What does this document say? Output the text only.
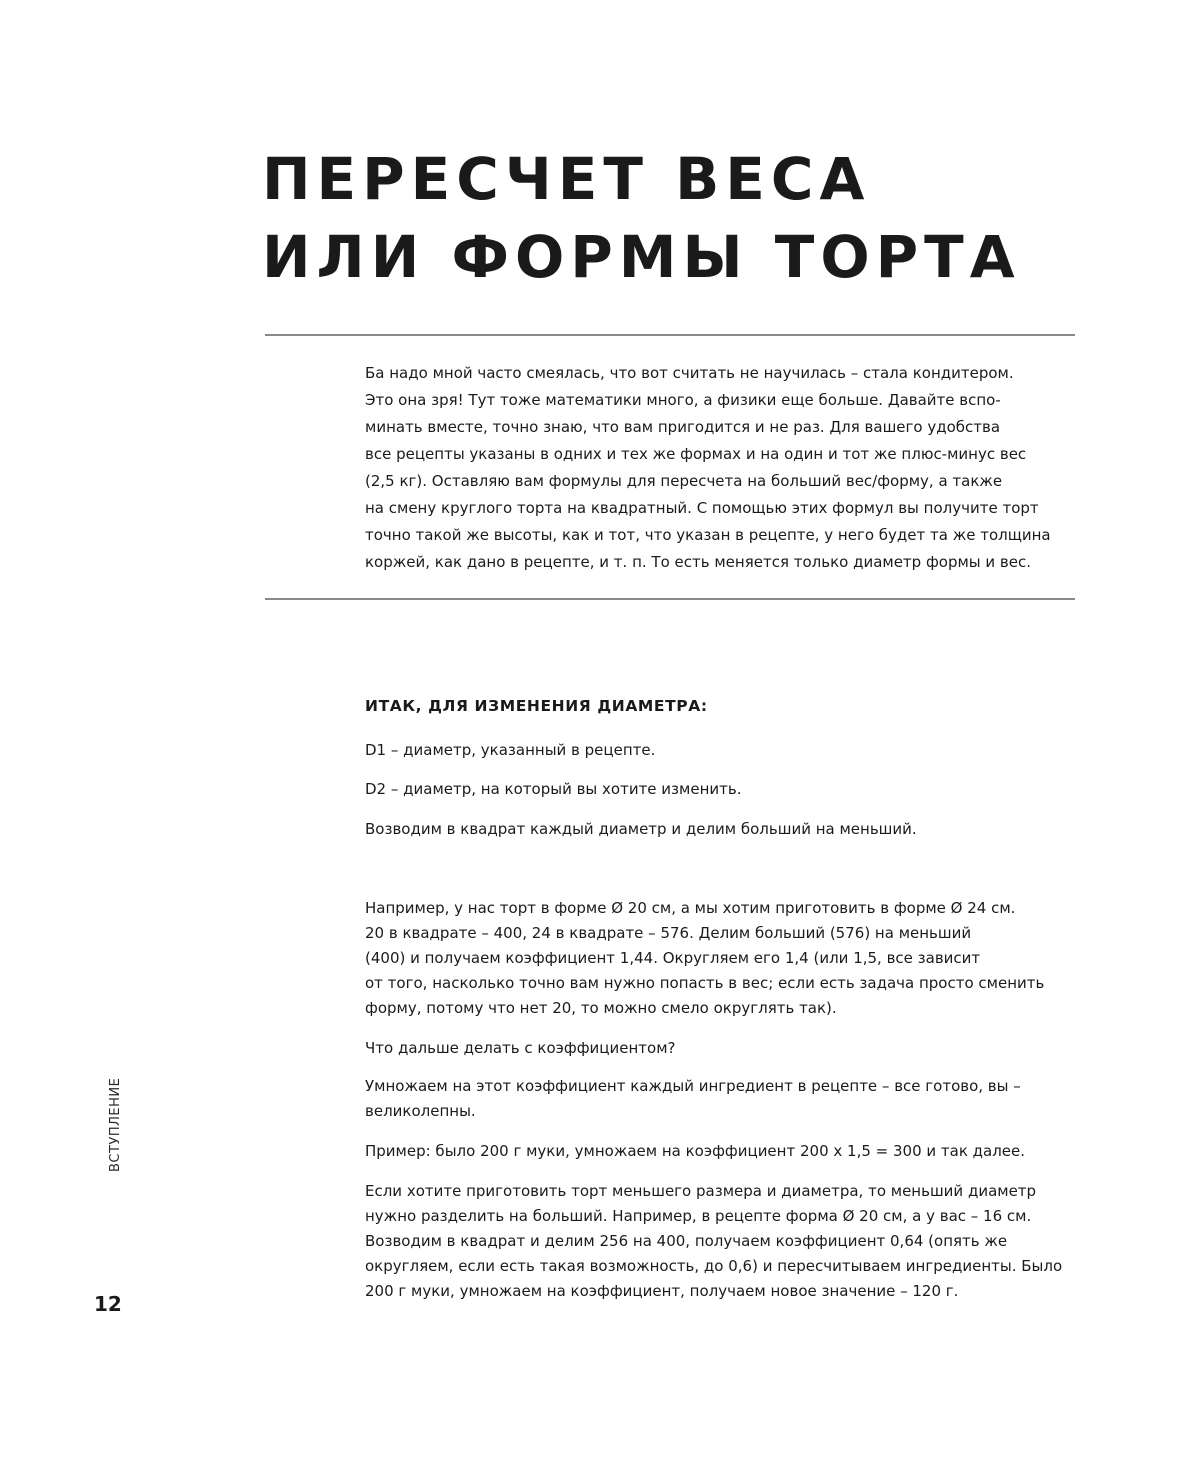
ПЕРЕСЧЕТ ВЕСА
ИЛИ ФОРМЫ ТОРТА

Ба надо мной часто смеялась, что вот считать не научилась – стала кондитером.
Это она зря! Тут тоже математики много, а физики еще больше. Давайте вспо-
минать вместе, точно знаю, что вам пригодится и не раз. Для вашего удобства
все рецепты указаны в одних и тех же формах и на один и тот же плюс-минус вес
(2,5 кг). Оставляю вам формулы для пересчета на больший вес/форму, а также
на смену круглого торта на квадратный. С помощью этих формул вы получите торт
точно такой же высоты, как и тот, что указан в рецепте, у него будет та же толщина
коржей, как дано в рецепте, и т. п. То есть меняется только диаметр формы и вес.

ИТАК, ДЛЯ ИЗМЕНЕНИЯ ДИАМЕТРА:

D1 – диаметр, указанный в рецепте.

D2 – диаметр, на который вы хотите изменить.

Возводим в квадрат каждый диаметр и делим больший на меньший.

Например, у нас торт в форме Ø 20 см, а мы хотим приготовить в форме Ø 24 см.
20 в квадрате – 400, 24 в квадрате – 576. Делим больший (576) на меньший
(400) и получаем коэффициент 1,44. Округляем его 1,4 (или 1,5, все зависит
от того, насколько точно вам нужно попасть в вес; если есть задача просто сменить
форму, потому что нет 20, то можно смело округлять так).

Что дальше делать с коэффициентом?

Умножаем на этот коэффициент каждый ингредиент в рецепте – все готово, вы –
великолепны.

Пример: было 200 г муки, умножаем на коэффициент 200 х 1,5 = 300 и так далее.

Если хотите приготовить торт меньшего размера и диаметра, то меньший диаметр
нужно разделить на больший. Например, в рецепте форма Ø 20 см, а у вас – 16 см.
Возводим в квадрат и делим 256 на 400, получаем коэффициент 0,64 (опять же
округляем, если есть такая возможность, до 0,6) и пересчитываем ингредиенты. Было
200 г муки, умножаем на коэффициент, получаем новое значение – 120 г.

ВСТУПЛЕНИЕ
12
